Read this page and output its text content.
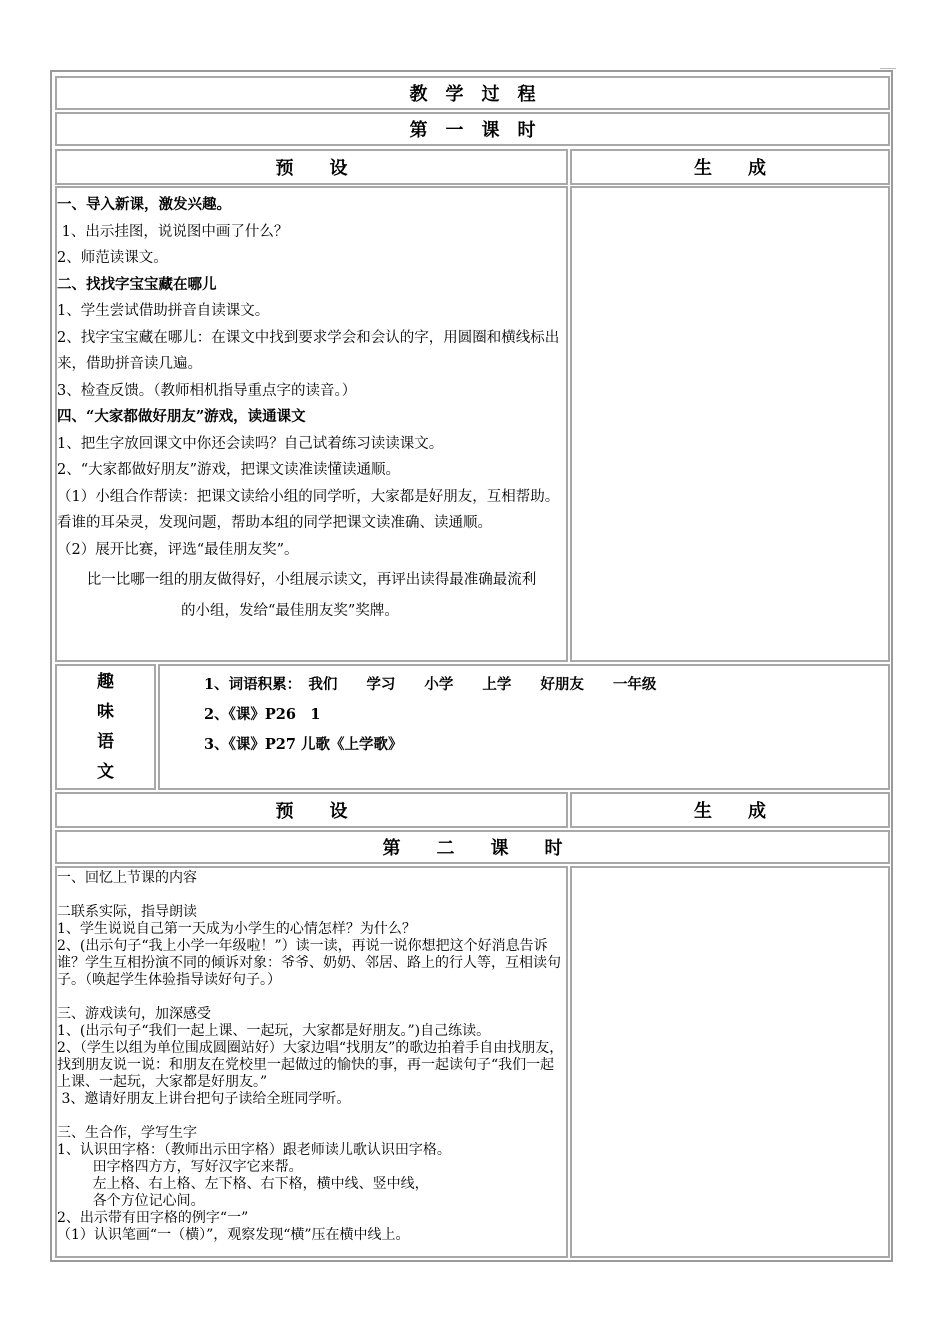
教　学　过　程
第　一　课　时
预　　设	生　　成

一、导入新课，激发兴趣。

1、出示挂图，说说图中画了什么？

2、师范读课文。

二、找找字宝宝藏在哪儿

1、学生尝试借助拼音自读课文。

2、找字宝宝藏在哪儿：在课文中找到要求学会和会认的字，用圆圈和横线标出来，借助拼音读几遍。

3、检查反馈。（教师相机指导重点字的读音。）

四、“大家都做好朋友”游戏，读通课文

1、把生字放回课文中你还会读吗？自己试着练习读读课文。

2、“大家都做好朋友”游戏，把课文读准读懂读通顺。

（1）小组合作帮读：把课文读给小组的同学听，大家都是好朋友，互相帮助。看谁的耳朵灵，发现问题，帮助本组的同学把课文读准确、读通顺。

（2）展开比赛，评选“最佳朋友奖”。

比一比哪一组的朋友做得好，小组展示读文，再评出读得最准确最流利

的小组，发给“最佳朋友奖”奖牌。

趣
味
语
文

1、词语积累：　我们　　学习　　小学　　上学　　好朋友　　一年级

2、《课》P26　1

3、《课》P27 儿歌《上学歌》

预　　设	生　　成
第　　二　　课　　时

一、回忆上节课的内容

二联系实际，指导朗读

1、学生说说自己第一天成为小学生的心情怎样？为什么？

2、(出示句子“我上小学一年级啦！”）读一读，再说一说你想把这个好消息告诉谁？学生互相扮演不同的倾诉对象：爷爷、奶奶、邻居、路上的行人等，互相读句子。（唤起学生体验指导读好句子。）

三、游戏读句，加深感受

1、(出示句子“我们一起上课、一起玩，大家都是好朋友。”)自己练读。

2、（学生以组为单位围成圆圈站好）大家边唱“找朋友”的歌边拍着手自由找朋友，找到朋友说一说：和朋友在党校里一起做过的愉快的事，再一起读句子“我们一起上课、一起玩，大家都是好朋友。”

3、邀请好朋友上讲台把句子读给全班同学听。

三、生合作，学写生字

1、认识田字格：（教师出示田字格）跟老师读儿歌认识田字格。

田字格四方方，写好汉字它来帮。

左上格、右上格、左下格、右下格，横中线、竖中线，

各个方位记心间。

2、出示带有田字格的例字“一”

（1）认识笔画“一（横）”，观察发现“横”压在横中线上。
